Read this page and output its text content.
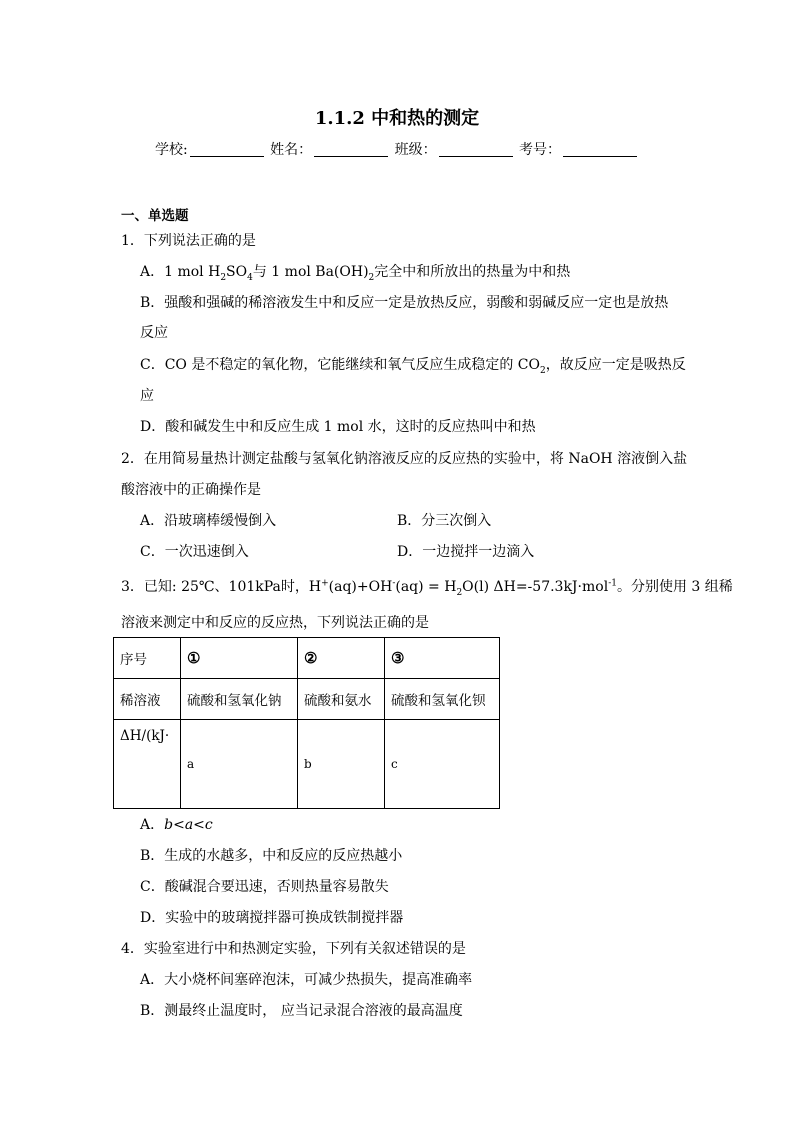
1.1.2 中和热的测定
学校:	姓名：	班级：	考号：
一、单选题
1．下列说法正确的是
A．1 mol $H_2SO_4$与 1 mol $Ba(OH)_2$完全中和所放出的热量为中和热
B．强酸和强碱的稀溶液发生中和反应一定是放热反应，弱酸和弱碱反应一定也是放热
反应
C．CO 是不稳定的氧化物，它能继续和氧气反应生成稳定的 $CO_2$，故反应一定是吸热反
应
D．酸和碱发生中和反应生成 1 mol 水，这时的反应热叫中和热
2．在用简易量热计测定盐酸与氢氧化钠溶液反应的反应热的实验中，将 NaOH 溶液倒入盐
酸溶液中的正确操作是
A．沿玻璃棒缓慢倒入	B．分三次倒入
C．一次迅速倒入	D．一边搅拌一边滴入
3．已知: 25℃、101kPa时，$H^+(aq)+OH^-(aq) = H_2O(l)$ ΔH=-57.3kJ·mol$^{-1}$。分别使用 3 组稀
溶液来测定中和反应的反应热，下列说法正确的是
序号	①	②	③
稀溶液	硫酸和氢氧化钠	硫酸和氨水	硫酸和氢氧化钡
ΔH/(kJ·	a	b	c
A．b<a<c
B．生成的水越多，中和反应的反应热越小
C．酸碱混合要迅速，否则热量容易散失
D．实验中的玻璃搅拌器可换成铁制搅拌器
4．实验室进行中和热测定实验，下列有关叙述错误的是
A．大小烧杯间塞碎泡沫，可减少热损失，提高准确率
B．测最终止温度时， 应当记录混合溶液的最高温度
